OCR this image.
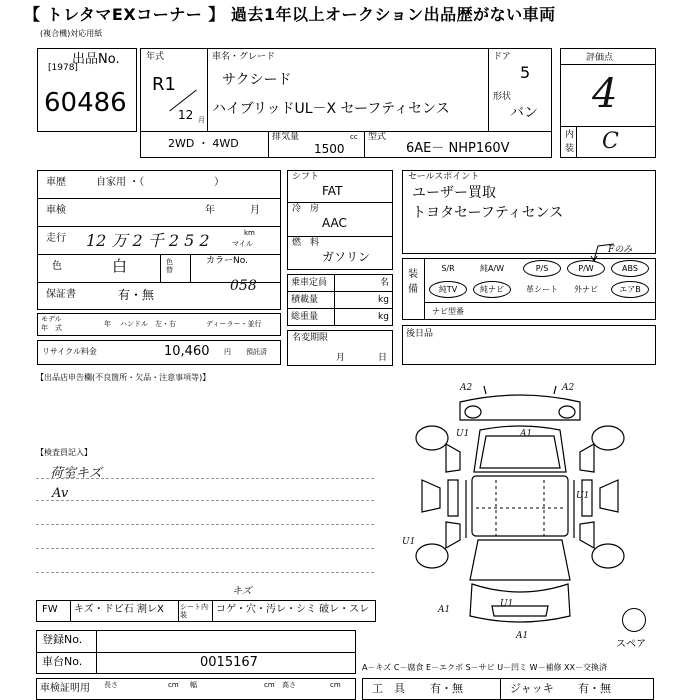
【 トレタマEXコーナー 】 過去1年以上オークション出品歴がない車両
(複合機)対応用紙
出品No.
[1978]
60486
年式
R1
12 月
車名・グレード
サクシード
ハイブリッドUL－X セーフティセンス
ドア
5
形状
バン
評価点
4
内
装 C
2WD ・ 4WD	排気量	cc
1500
型式
6AE－ NHP160V
車歴	自家用 ・（　　　　　　　）
車検	年	月
走行 12 万 2 千 2 5 2	km
マイル
色	白	色替
カラーNo.
058
保証書	有・無
モデル
年　式	年 ハンドル　左・右	ディーラー・並行
リサイクル料金	10,460 円 預託済
シフト
FAT
冷　房
AAC
燃　料
ガソリン
乗車定員	名
積載量	kg
総重量	kg
名変期限
月	日
セールスポイント
ユーザー買取
トヨタセーフティセンス
装
備
S/R	純A/W	P/S	P/W	ABS
純TV	純ナビ	革シート	外ナビ	エアB
ナビ型番
Fのみ
後日品
【出品店申告欄(不良箇所・欠品・注意事項等)】
【検査員記入】
荷室キズ
Av
A2	A2
A1
U1
U1
U1
U1
A1
A1
スペア
FW キズ・ドビ石 割レX シート内装	コゲ・穴・汚レ・シミ 破レ・スレ
キズ
登録No.
車台No.	0015167
車検証明用 長さ	cm 幅	cm 高さ	cm
A－キズ C－腐食 E－エクボ S－サビ U－凹ミ W－補修 XX－交換済
工　具 有・無	ジャッキ 有・無
